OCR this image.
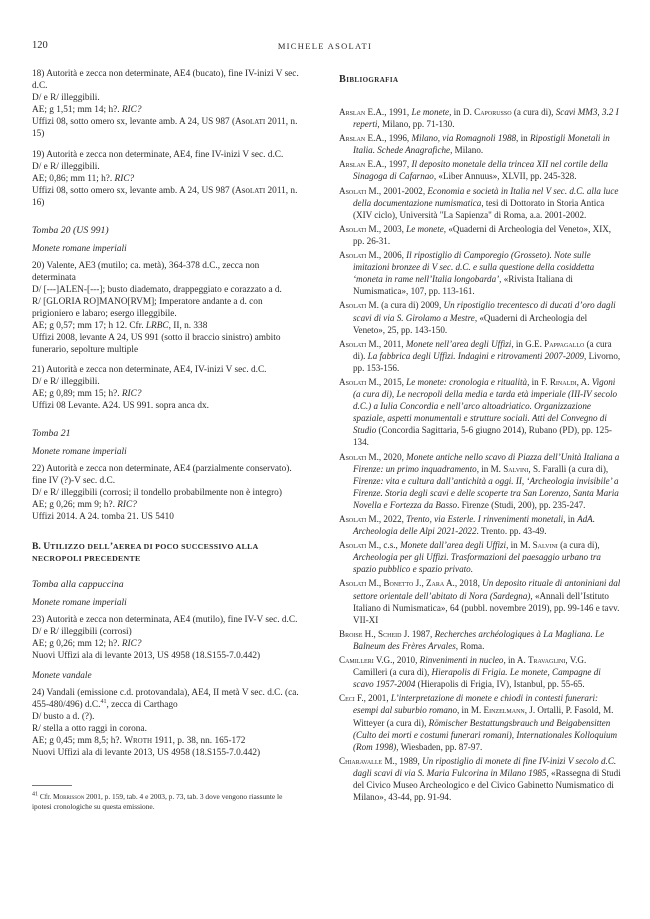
120	MICHELE ASOLATI

18) Autorità e zecca non determinate, AE4 (bucato), fine IV-inizi V sec. d.C.

D/ e R/ illeggibili.

AE; g 1,51; mm 14; h?. RIC?

Uffizi 08, sotto omero sx, levante amb. A 24, US 987 (Asolati 2011, n. 15)

19) Autorità e zecca non determinate, AE4, fine IV-inizi V sec. d.C.

D/ e R/ illeggibili.

AE; 0,86; mm 11; h?. RIC?

Uffizi 08, sotto omero sx, levante amb. A 24, US 987 (Asolati 2011, n. 16)

Tomba 20 (US 991)
Monete romane imperiali

20) Valente, AE3 (mutilo; ca. metà), 364-378 d.C., zecca non determinata

D/ [---]ALEN-[---]; busto diademato, drappeggiato e corazzato a d.

R/ [GLORIA RO]MANO[RVM]; Imperatore andante a d. con prigioniero e labaro; esergo illeggibile.

AE; g 0,57; mm 17; h 12. Cfr. LRBC, II, n. 338

Uffizi 2008, levante A 24, US 991 (sotto il braccio sinistro) ambito funerario, sepolture multiple

21) Autorità e zecca non determinate, AE4, IV-inizi V sec. d.C.

D/ e R/ illeggibili.

AE; g 0,89; mm 15; h?. RIC?

Uffizi 08 Levante. A24. US 991. sopra anca dx.

Tomba 21
Monete romane imperiali

22) Autorità e zecca non determinate, AE4 (parzialmente conservato). fine IV (?)-V sec. d.C.

D/ e R/ illeggibili (corrosi; il tondello probabilmente non è integro)

AE; g 0,26; mm 9; h?. RIC?

Uffizi 2014. A 24. tomba 21. US 5410

B. UTILIZZO DELL’AEREA DI POCO SUCCESSIVO ALLA NECROPOLI PRECEDENTE
Tomba alla cappuccina
Monete romane imperiali

23) Autorità e zecca non determinata, AE4 (mutilo), fine IV-V sec. d.C.

D/ e R/ illeggibili (corrosi)

AE; g 0,26; mm 12; h?. RIC?

Nuovi Uffizi ala di levante 2013, US 4958 (18.S155-7.0.442)

Monete vandale

24) Vandali (emissione c.d. protovandala), AE4, II metà V sec. d.C. (ca. 455-480/496) d.C.$^{41}$, zecca di Carthago

D/ busto a d. (?).

R/ stella a otto raggi in corona.

AE; g 0,45; mm 8,5; h?. Wroth 1911, p. 38, nn. 165-172

Nuovi Uffizi ala di levante 2013, US 4958 (18.S155-7.0.442)

$^{41}$ Cfr. Morrisson 2001, p. 159, tab. 4 e 2003, p. 73, tab. 3 dove vengono riassunte le ipotesi cronologiche su questa emissione.
Bibliografia
Arslan E.A., 1991, Le monete, in D. Caporusso (a cura di), Scavi MM3, 3.2 I reperti, Milano, pp. 71-130.
Arslan E.A., 1996, Milano, via Romagnoli 1988, in Ripostigli Monetali in Italia. Schede Anagrafiche, Milano.
Arslan E.A., 1997, Il deposito monetale della trincea XII nel cortile della Sinagoga di Cafarnao, «Liber Annuus», XLVII, pp. 245-328.
Asolati M., 2001-2002, Economia e società in Italia nel V sec. d.C. alla luce della documentazione numismatica, tesi di Dottorato in Storia Antica (XIV ciclo), Università "La Sapienza" di Roma, a.a. 2001-2002.
Asolati M., 2003, Le monete, «Quaderni di Archeologia del Veneto», XIX, pp. 26-31.
Asolati M., 2006, Il ripostiglio di Camporegio (Grosseto). Note sulle imitazioni bronzee di V sec. d.C. e sulla questione della cosiddetta ‘moneta in rame nell’Italia longobarda’, «Rivista Italiana di Numismatica», 107, pp. 113-161.
Asolati M. (a cura di) 2009, Un ripostiglio trecentesco di ducati d’oro dagli scavi di via S. Girolamo a Mestre, «Quaderni di Archeologia del Veneto», 25, pp. 143-150.
Asolati M., 2011, Monete nell’area degli Uffizi, in G.E. Pappagallo (a cura di). La fabbrica degli Uffizi. Indagini e ritrovamenti 2007-2009, Livorno, pp. 153-156.
Asolati M., 2015, Le monete: cronologia e ritualità, in F. Rinaldi, A. Vigoni (a cura di), Le necropoli della media e tarda età imperiale (III-IV secolo d.C.) a Iulia Concordia e nell’arco altoadriatico. Organizzazione spaziale, aspetti monumentali e strutture sociali. Atti del Convegno di Studio (Concordia Sagittaria, 5-6 giugno 2014), Rubano (PD), pp. 125-134.
Asolati M., 2020, Monete antiche nello scavo di Piazza dell’Unità Italiana a Firenze: un primo inquadramento, in M. Salvini, S. Faralli (a cura di), Firenze: vita e cultura dall’antichità a oggi. II, ‘Archeologia invisibile’ a Firenze. Storia degli scavi e delle scoperte tra San Lorenzo, Santa Maria Novella e Fortezza da Basso. Firenze (Studi, 200), pp. 235-247.
Asolati M., 2022, Trento, via Esterle. I rinvenimenti monetali, in AdA. Archeologia delle Alpi 2021-2022. Trento. pp. 43-49.
Asolati M., c.s., Monete dall’area degli Uffizi, in M. Salvini (a cura di), Archeologia per gli Uffizi. Trasformazioni del paesaggio urbano tra spazio pubblico e spazio privato.
Asolati M., Bonetto J., Zara A., 2018, Un deposito rituale di antoniniani dal settore orientale dell’abitato di Nora (Sardegna), «Annali dell’Istituto Italiano di Numismatica», 64 (pubbl. novembre 2019), pp. 99-146 e tavv. VII-XI
Broise H., Scheid J. 1987, Recherches archéologiques à La Magliana. Le Balneum des Frères Arvales, Roma.
Camilleri V.G., 2010, Rinvenimenti in nucleo, in A. Travaglini, V.G. Camilleri (a cura di), Hierapolis di Frigia. Le monete, Campagne di scavo 1957-2004 (Hierapolis di Frigia, IV), Istanbul, pp. 55-65.
Ceci F., 2001, L’interpretazione di monete e chiodi in contesti funerari: esempi dal suburbio romano, in M. Einzelmann, J. Ortalli, P. Fasold, M. Witteyer (a cura di), Römischer Bestattungsbrauch und Beigabensitten (Culto dei morti e costumi funerari romani), Internationales Kolloquium (Rom 1998), Wiesbaden, pp. 87-97.
Chiaravalle M., 1989, Un ripostiglio di monete di fine IV-inizi V secolo d.C. dagli scavi di via S. Maria Fulcorina in Milano 1985, «Rassegna di Studi del Civico Museo Archeologico e del Civico Gabinetto Numismatico di Milano», 43-44, pp. 91-94.
